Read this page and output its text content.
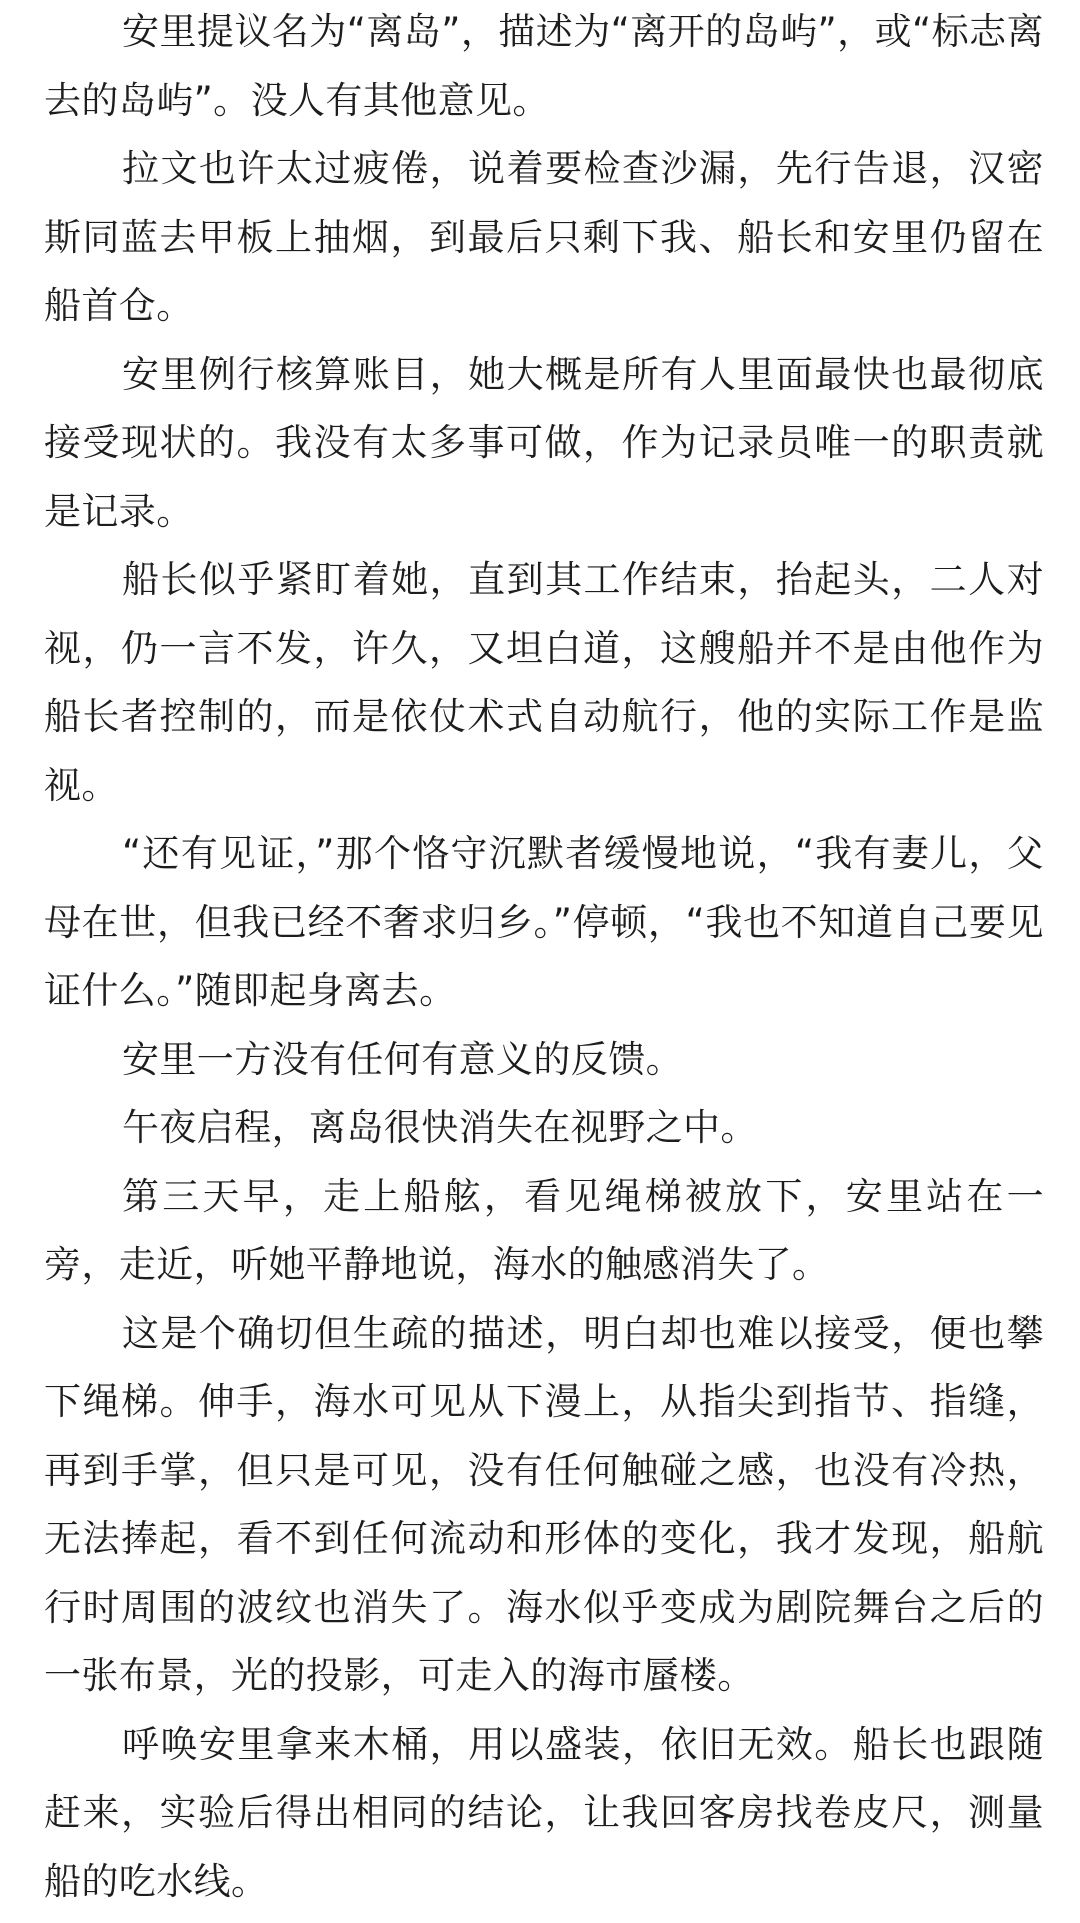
安里提议名为“离岛”，描述为“离开的岛屿”，或“标志离去的岛屿”。没人有其他意见。

拉文也许太过疲倦，说着要检查沙漏，先行告退，汉密斯同蓝去甲板上抽烟，到最后只剩下我、船长和安里仍留在船首仓。

安里例行核算账目，她大概是所有人里面最快也最彻底接受现状的。我没有太多事可做，作为记录员唯一的职责就是记录。

船长似乎紧盯着她，直到其工作结束，抬起头，二人对视，仍一言不发，许久，又坦白道，这艘船并不是由他作为船长者控制的，而是依仗术式自动航行，他的实际工作是监视。

“还有见证，”那个恪守沉默者缓慢地说，“我有妻儿，父母在世，但我已经不奢求归乡。”停顿，“我也不知道自己要见证什么。”随即起身离去。

安里一方没有任何有意义的反馈。

午夜启程，离岛很快消失在视野之中。

第三天早，走上船舷，看见绳梯被放下，安里站在一旁，走近，听她平静地说，海水的触感消失了。

这是个确切但生疏的描述，明白却也难以接受，便也攀下绳梯。伸手，海水可见从下漫上，从指尖到指节、指缝，再到手掌，但只是可见，没有任何触碰之感，也没有冷热，无法捧起，看不到任何流动和形体的变化，我才发现，船航行时周围的波纹也消失了。海水似乎变成为剧院舞台之后的一张布景，光的投影，可走入的海市蜃楼。

呼唤安里拿来木桶，用以盛装，依旧无效。船长也跟随赶来，实验后得出相同的结论，让我回客房找卷皮尺，测量船的吃水线。
